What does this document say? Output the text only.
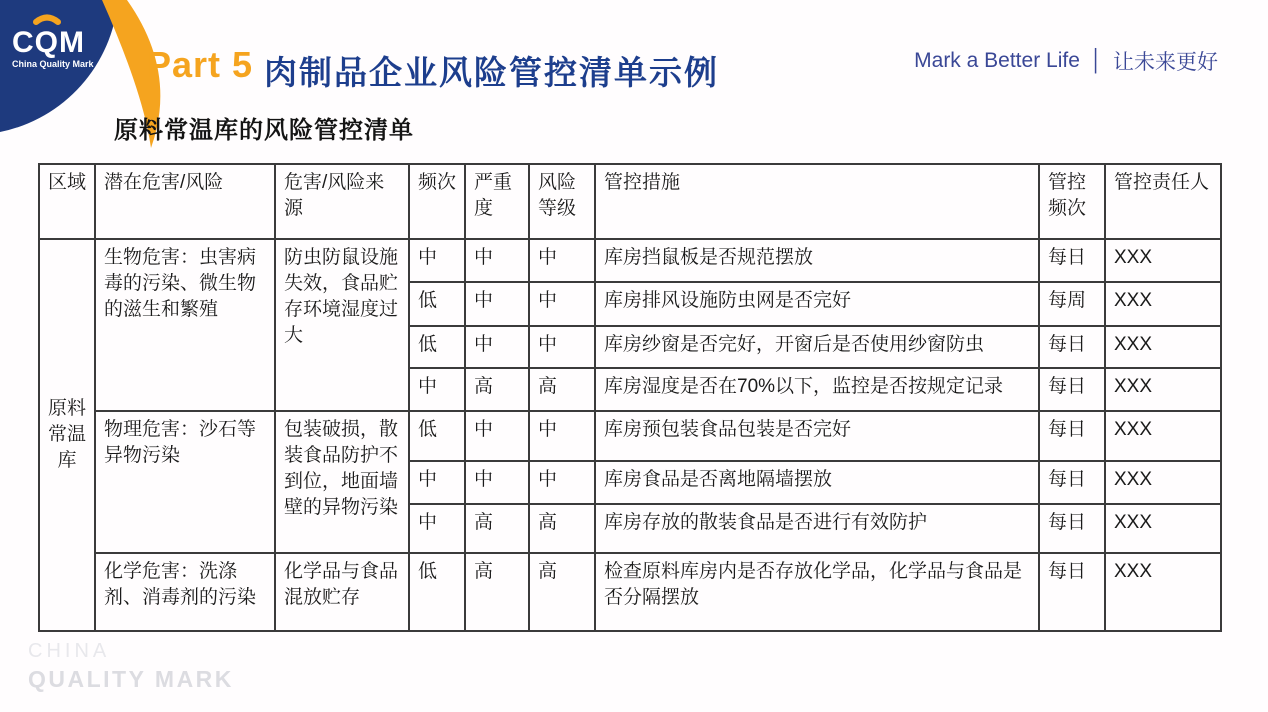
CQM
China Quality Mark Part 5 肉制品企业风险管控清单示例	Mark a Better Life │ 让未来更好
原料常温库的风险管控清单
区域	潜在危害/风险	危害/风险来源	频次	严重度	风险等级	管控措施	管控频次	管控责任人
原料常温库	生物危害：虫害病毒的污染、微生物的滋生和繁殖	防虫防鼠设施失效，食品贮存环境湿度过大	中	中	中	库房挡鼠板是否规范摆放	每日	XXX
			低	中	中	库房排风设施防虫网是否完好	每周	XXX
			低	中	中	库房纱窗是否完好，开窗后是否使用纱窗防虫	每日	XXX
			中	高	高	库房湿度是否在70%以下，监控是否按规定记录	每日	XXX
	物理危害：沙石等异物污染	包装破损，散装食品防护不到位，地面墙壁的异物污染	低	中	中	库房预包装食品包装是否完好	每日	XXX
			中	中	中	库房食品是否离地隔墙摆放	每日	XXX
			中	高	高	库房存放的散装食品是否进行有效防护	每日	XXX
	化学危害：洗涤剂、消毒剂的污染	化学品与食品混放贮存	低	高	高	检查原料库房内是否存放化学品，化学品与食品是否分隔摆放	每日	XXX
CHINA
QUALITY MARK
